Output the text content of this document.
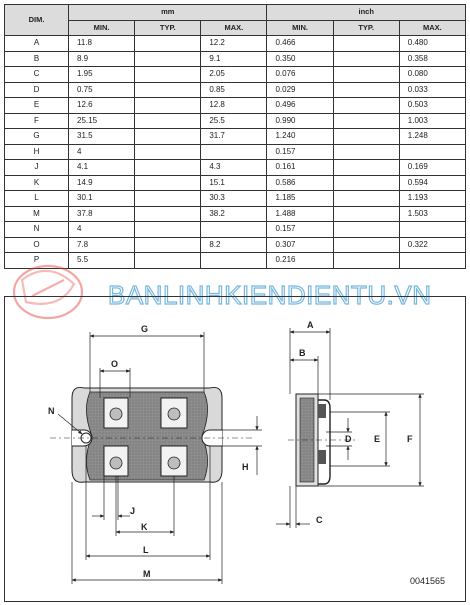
DIM.	mm			inch		
	MIN.	TYP.	MAX.	MIN.	TYP.	MAX.
A	11.8		12.2	0.466		0.480
B	8.9		9.1	0.350		0.358
C	1.95		2.05	0.076		0.080
D	0.75		0.85	0.029		0.033
E	12.6		12.8	0.496		0.503
F	25.15		25.5	0.990		1.003
G	31.5		31.7	1.240		1.248
H	4			0.157		
J	4.1		4.3	0.161		0.169
K	14.9		15.1	0.586		0.594
L	30.1		30.3	1.185		1.193
M	37.8		38.2	1.488		1.503
N	4			0.157		
O	7.8		8.2	0.307		0.322
P	5.5			0.216		
BANLINHKIENDIENTU.VN
G
O
N
H
J
K
L
M
A
B
C
D	E	F
0041565
